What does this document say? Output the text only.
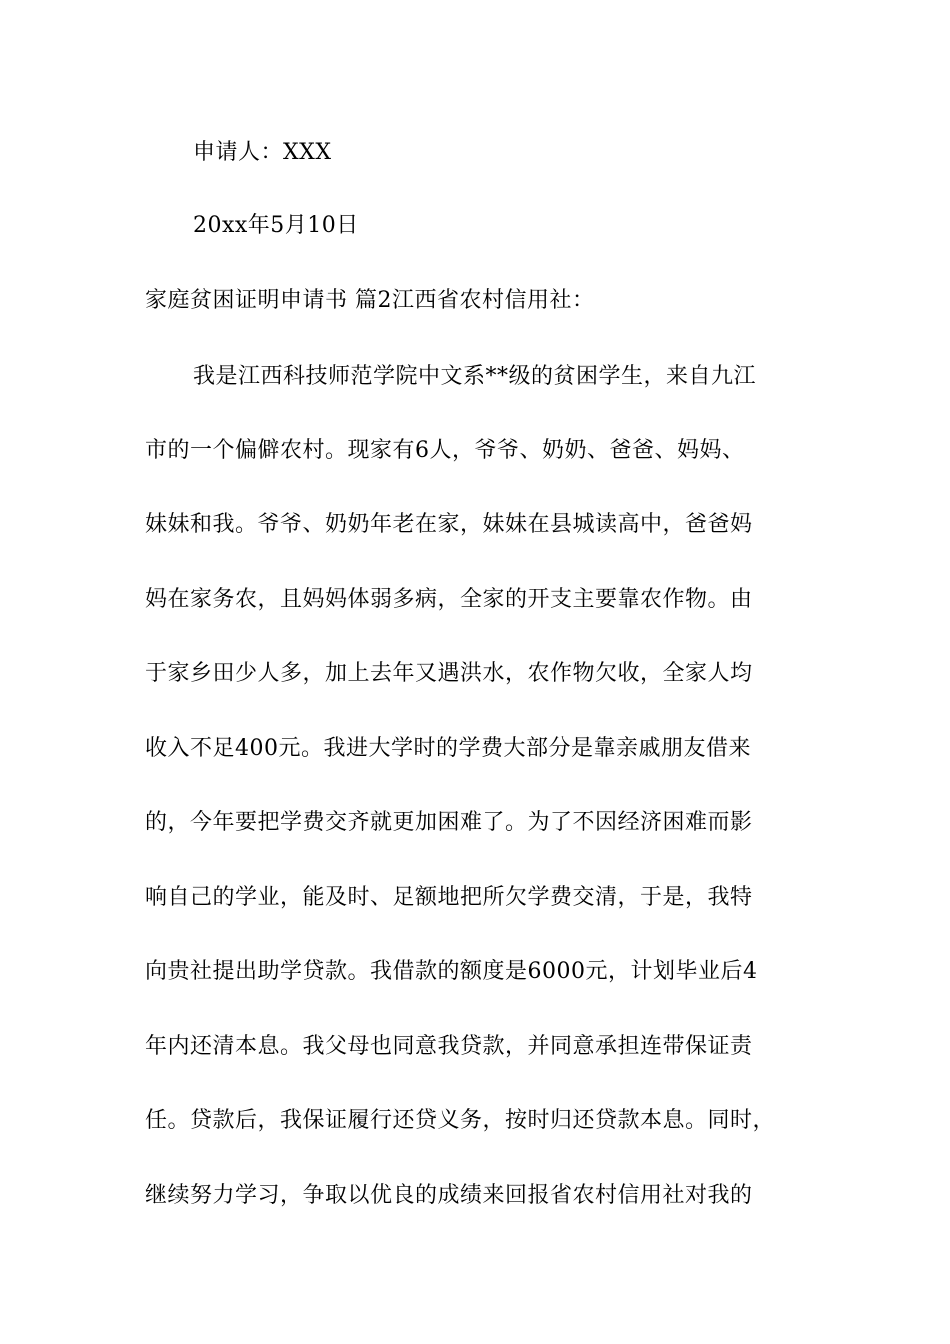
申请人：XXX
20xx年5月10日
家庭贫困证明申请书 篇2江西省农村信用社：
我是江西科技师范学院中文系**级的贫困学生，来自九江
市的一个偏僻农村。现家有6人，爷爷、奶奶、爸爸、妈妈、
妹妹和我。爷爷、奶奶年老在家，妹妹在县城读高中，爸爸妈
妈在家务农，且妈妈体弱多病，全家的开支主要靠农作物。由
于家乡田少人多，加上去年又遇洪水，农作物欠收，全家人均
收入不足400元。我进大学时的学费大部分是靠亲戚朋友借来
的，今年要把学费交齐就更加困难了。为了不因经济困难而影
响自己的学业，能及时、足额地把所欠学费交清，于是，我特
向贵社提出助学贷款。我借款的额度是6000元，计划毕业后4
年内还清本息。我父母也同意我贷款，并同意承担连带保证责
任。贷款后，我保证履行还贷义务，按时归还贷款本息。同时，
继续努力学习，争取以优良的成绩来回报省农村信用社对我的
